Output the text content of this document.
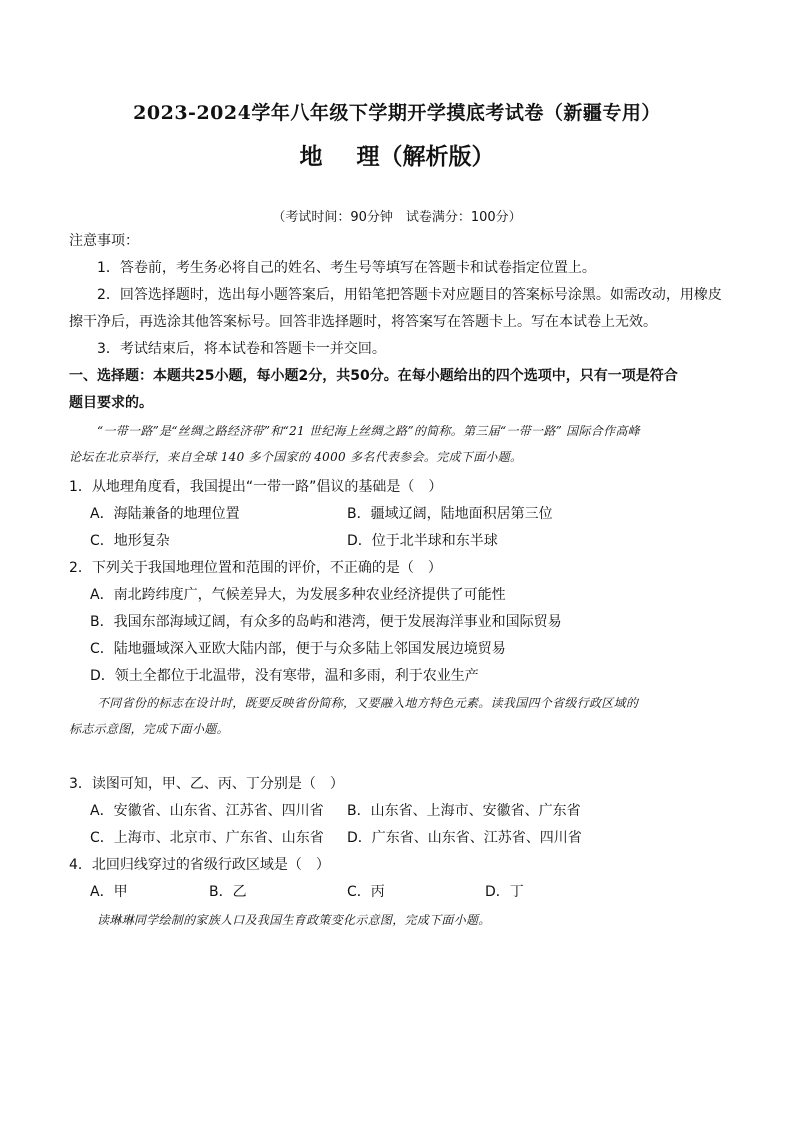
2023-2024学年八年级下学期开学摸底考试卷（新疆专用）
地 理（解析版）
（考试时间：90分钟　试卷满分：100分）
注意事项：
1．答卷前，考生务必将自己的姓名、考生号等填写在答题卡和试卷指定位置上。
2．回答选择题时，选出每小题答案后，用铅笔把答题卡对应题目的答案标号涂黑。如需改动，用橡皮
擦干净后，再选涂其他答案标号。回答非选择题时，将答案写在答题卡上。写在本试卷上无效。
3．考试结束后，将本试卷和答题卡一并交回。
一、选择题：本题共25小题，每小题2分，共50分。在每小题给出的四个选项中，只有一项是符合
题目要求的。
“一带一路”是“丝绸之路经济带”和“21 世纪海上丝绸之路”的简称。第三届“一带一路” 国际合作高峰
论坛在北京举行，来自全球 140 多个国家的 4000 多名代表参会。完成下面小题。
1．从地理角度看，我国提出“一带一路”倡议的基础是（　）
A．海陆兼备的地理位置	B．疆域辽阔，陆地面积居第三位
C．地形复杂	D．位于北半球和东半球
2．下列关于我国地理位置和范围的评价，不正确的是（　）
A．南北跨纬度广，气候差异大，为发展多种农业经济提供了可能性
B．我国东部海域辽阔，有众多的岛屿和港湾，便于发展海洋事业和国际贸易
C．陆地疆域深入亚欧大陆内部，便于与众多陆上邻国发展边境贸易
D．领土全都位于北温带，没有寒带，温和多雨，利于农业生产
不同省份的标志在设计时，既要反映省份简称，又要融入地方特色元素。读我国四个省级行政区域的
标志示意图，完成下面小题。
3．读图可知，甲、乙、丙、丁分别是（　）
A．安徽省、山东省、江苏省、四川省 B．山东省、上海市、安徽省、广东省
C．上海市、北京市、广东省、山东省 D．广东省、山东省、江苏省、四川省
4．北回归线穿过的省级行政区域是（　）
A．甲	B．乙	C．丙	D．丁
读琳琳同学绘制的家族人口及我国生育政策变化示意图，完成下面小题。
